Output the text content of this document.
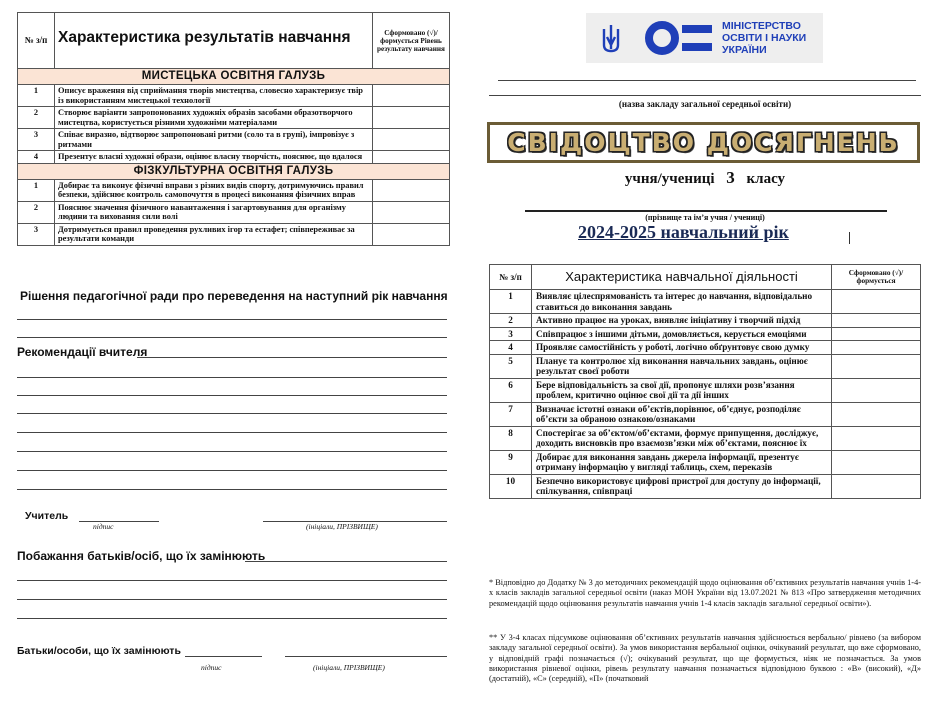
№ з/п	Характеристика результатів навчання	Сформовано (√)/ формується Рівень результату навчання
МИСТЕЦЬКА ОСВІТНЯ ГАЛУЗЬ		
1	Описує враження від сприймання творів мистецтва, словесно характеризує твір із використанням мистецької технології	
2	Створює варіанти запропонованих художніх образів засобами образотворчого мистецтва, користується різними художніми матеріалами	
3	Співає виразно, відтворює запропоновані ритми (соло та в групі), імпровізує з ритмами	
4	Презентує власні художні образи, оцінює власну творчість, пояснює, що вдалося	
ФІЗКУЛЬТУРНА ОСВІТНЯ ГАЛУЗЬ		
1	Добирає та виконує фізичні вправи з різних видів спорту, дотримуючись правил безпеки, здійснює контроль самопочуття в процесі виконання фізичних вправ	
2	Пояснює значення фізичного навантаження і загартовування для організму людини та виховання сили волі	
3	Дотримується правил проведення рухливих ігор та естафет; співпереживає за результати команди	
Рішення педагогічної ради про переведення на наступний рік навчання
Рекомендації вчителя
Учитель
підпис	(ініціали, ПРІЗВИЩЕ)
Побажання батьків/осіб, що їх замінюють
Батьки/особи, що їх замінюють
підпис	(ініціали, ПРІЗВИЩЕ)
МІНІСТЕРСТВО
ОСВІТИ І НАУКИ
УКРАЇНИ
(назва закладу загальної середньої освіти)
СВІДОЦТВО ДОСЯГНЕНЬ
учня/учениці 3 класу
(прізвище та ім’я учня / учениці)
2024-2025 навчальний рік
№ з/п	Характеристика навчальної діяльності	Сформовано (√)/ формується
1	Виявляє цілеспрямованість та інтерес до навчання, відповідально ставиться до виконання завдань	
2	Активно працює на уроках, виявляє ініціативу і творчий підхід	
3	Співпрацює з іншими дітьми, домовляється, керується емоціями	
4	Проявляє самостійність у роботі, логічно обґрунтовує свою думку	
5	Планує та контролює хід виконання навчальних завдань, оцінює результат своєї роботи	
6	Бере відповідальність за свої дії, пропонує шляхи розв’язання проблем, критично оцінює свої дії та дії інших	
7	Визначає істотні ознаки об’єктів,порівнює, об’єднує, розподіляє об’єкти за обраною ознакою/ознаками	
8	Спостерігає за об’єктом/об’єктами, формує припущення, досліджує, доходить висновків про взаємозв’язки між об’єктами, пояснює їх	
9	Добирає для виконання завдань джерела інформації, презентує отриману інформацію у вигляді таблиць, схем, переказів	
10	Безпечно використовує цифрові пристрої для доступу до інформації, спілкування, співпраці	
* Відповідно до Додатку № 3 до методичних рекомендацій щодо оцінювання об’єктивних результатів навчання учнів 1-4-х класів закладів загальної середньої освіти (наказ МОН України від 13.07.2021 № 813 «Про затвердження методичних рекомендацій щодо оцінювання результатів навчання учнів 1-4 класів закладів загальної середньої освіти»).
** У 3-4 класах підсумкове оцінювання об’єктивних результатів навчання здійснюється вербально/ рівнево (за вибором закладу загальної середньої освіти). За умов використання вербальної оцінки, очікуваний результат, що вже сформовано, у відповідній графі позначається (√); очікуваний результат, що ще формується, ніяк не позначається. За умов використання рівневої оцінки, рівень результату навчання позначається відповідною буквою : «В» (високий), «Д» (достатній), «С» (середній), «П» (початковий
